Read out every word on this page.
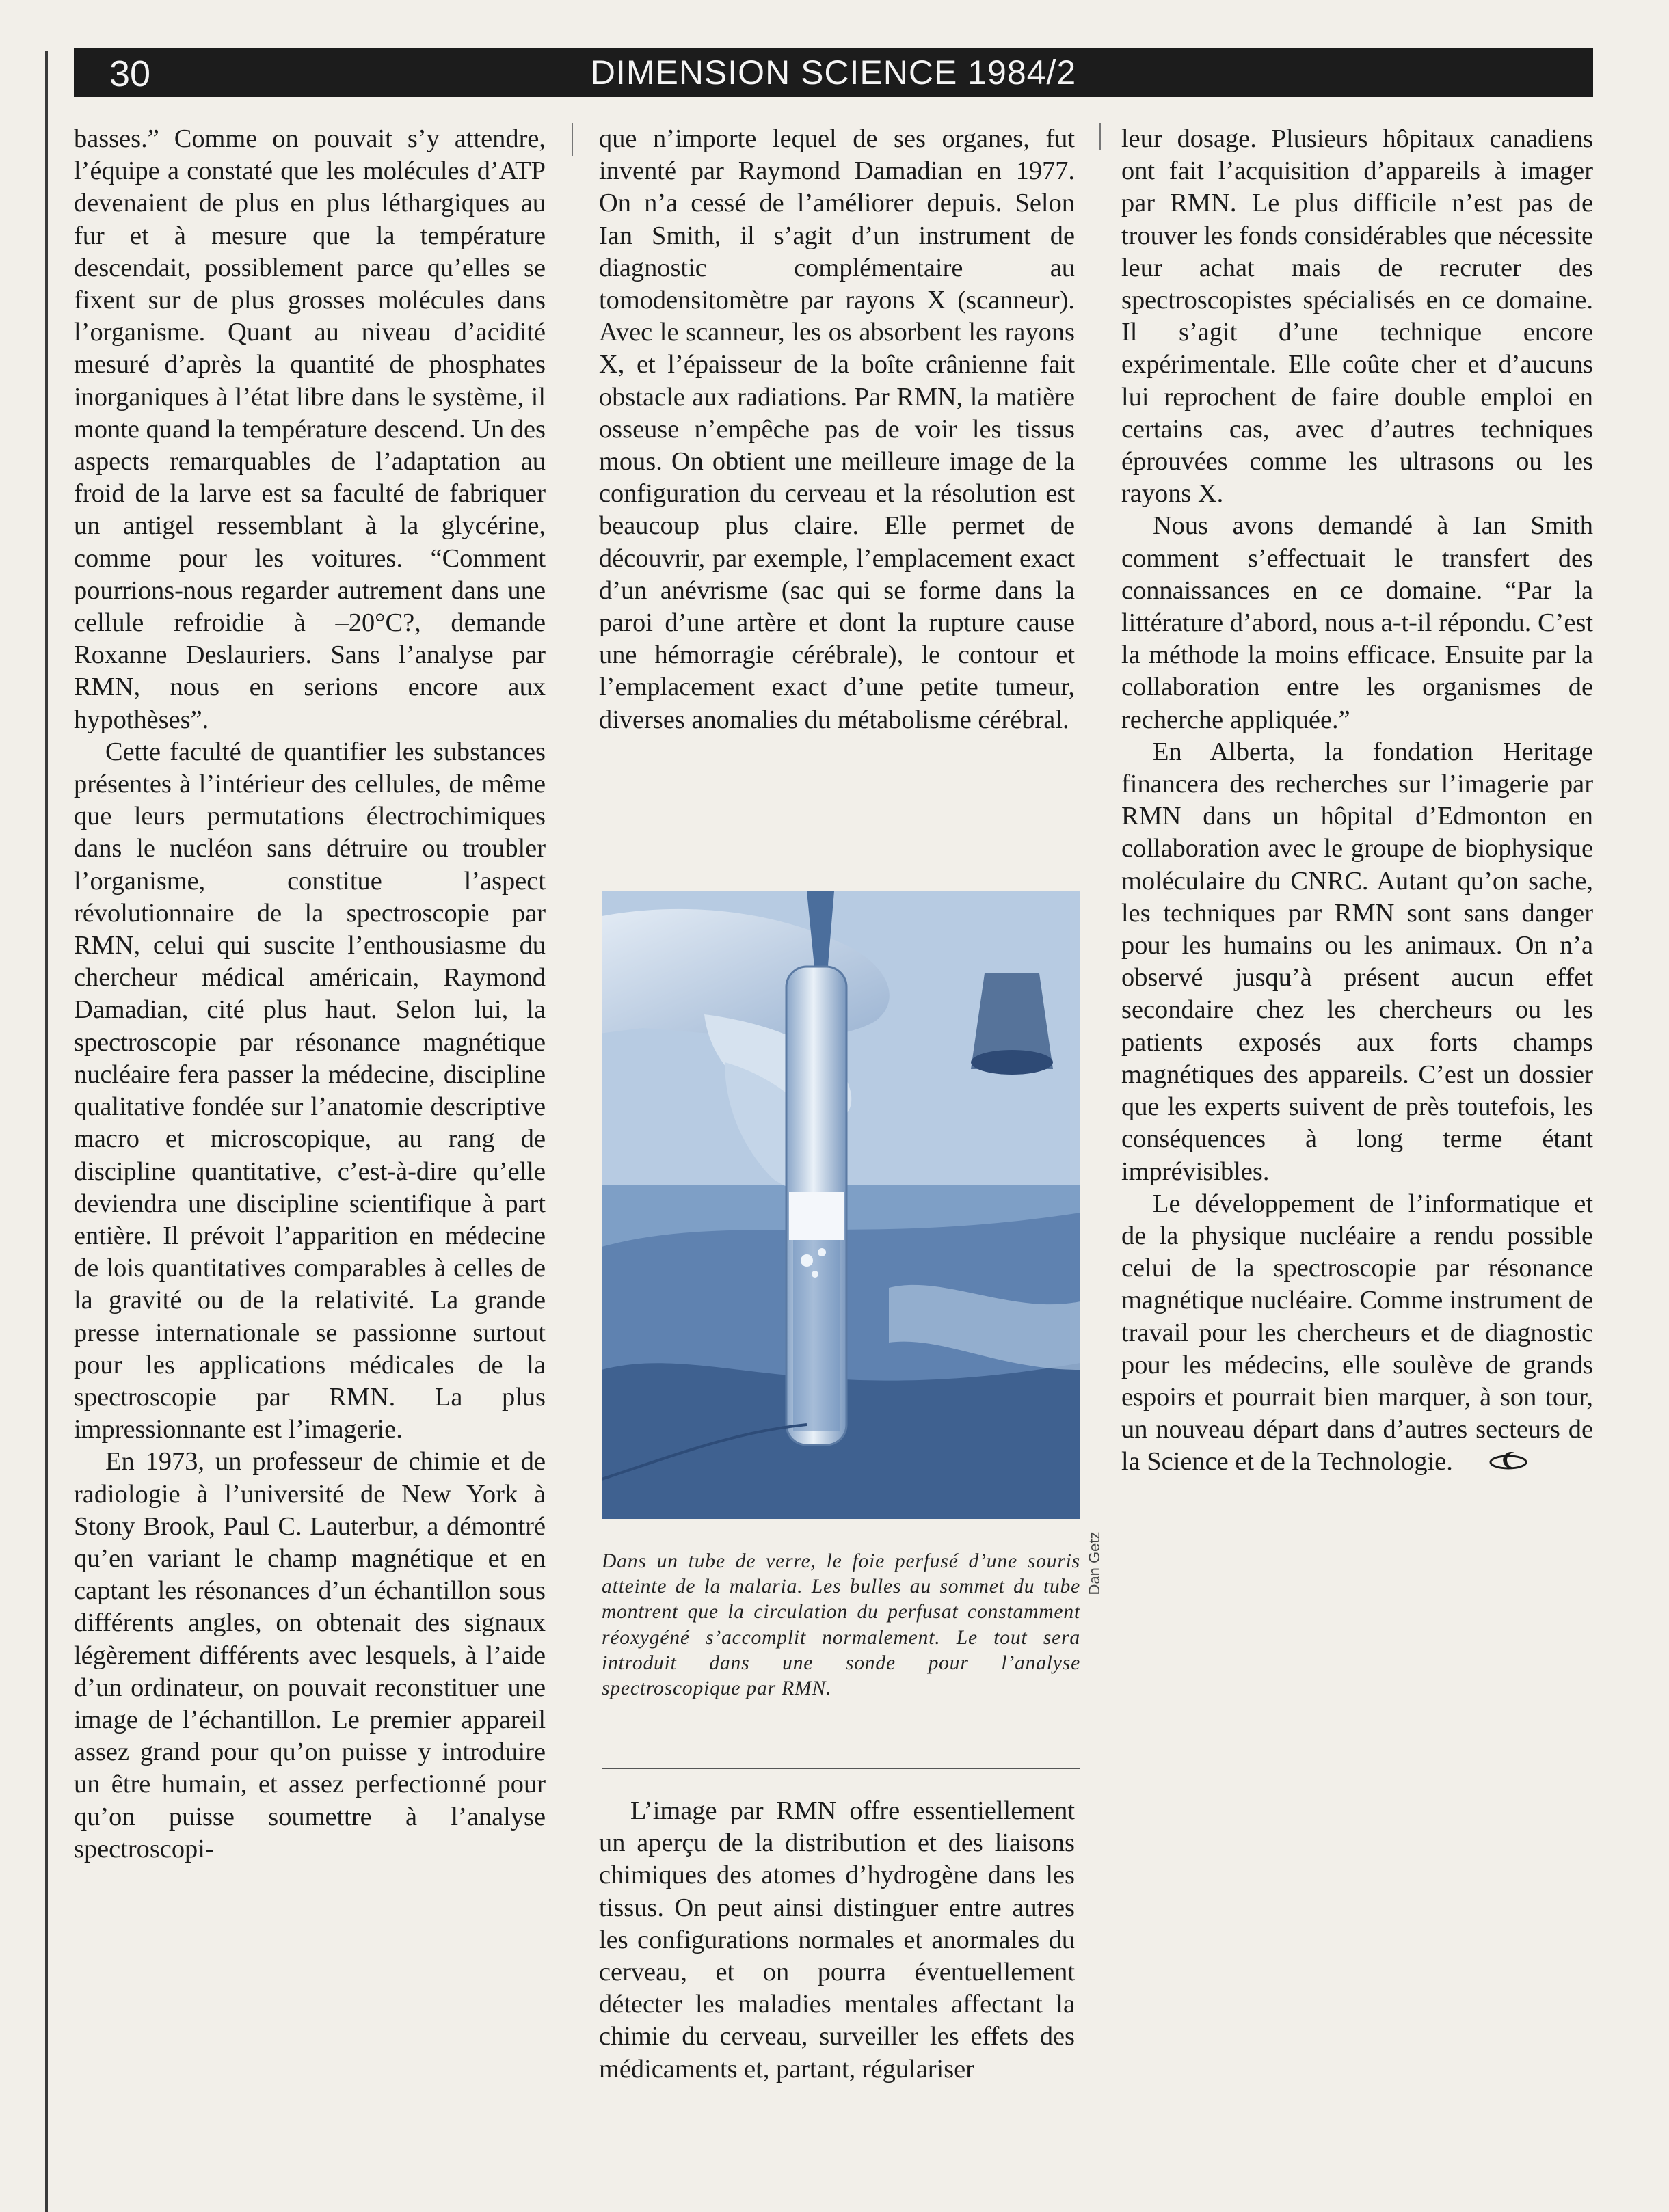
30	DIMENSION SCIENCE 1984/2

basses.” Comme on pouvait s’y attendre, l’équipe a constaté que les molécules d’ATP devenaient de plus en plus léthargiques au fur et à mesure que la température descendait, possiblement parce qu’elles se fixent sur de plus grosses molécules dans l’organisme. Quant au niveau d’acidité mesuré d’après la quantité de phosphates inorganiques à l’état libre dans le système, il monte quand la température descend. Un des aspects remarquables de l’adaptation au froid de la larve est sa faculté de fabriquer un antigel ressemblant à la glycérine, comme pour les voitures. “Comment pourrions-nous regarder autrement dans une cellule refroidie à –20°C?, demande Roxanne Deslauriers. Sans l’analyse par RMN, nous en serions encore aux hypothèses”.

Cette faculté de quantifier les substances présentes à l’intérieur des cellules, de même que leurs permutations électrochimiques dans le nucléon sans détruire ou troubler l’organisme, constitue l’aspect révolutionnaire de la spectroscopie par RMN, celui qui suscite l’enthousiasme du chercheur médical américain, Raymond Damadian, cité plus haut. Selon lui, la spectroscopie par résonance magnétique nucléaire fera passer la médecine, discipline qualitative fondée sur l’anatomie descriptive macro et microscopique, au rang de discipline quantitative, c’est-à-dire qu’elle deviendra une discipline scientifique à part entière. Il prévoit l’apparition en médecine de lois quantitatives comparables à celles de la gravité ou de la relativité. La grande presse internationale se passionne surtout pour les applications médicales de la spectroscopie par RMN. La plus impressionnante est l’imagerie.

En 1973, un professeur de chimie et de radiologie à l’université de New York à Stony Brook, Paul C. Lauterbur, a démontré qu’en variant le champ magnétique et en captant les résonances d’un échantillon sous différents angles, on obtenait des signaux légèrement différents avec lesquels, à l’aide d’un ordinateur, on pouvait reconstituer une image de l’échantillon. Le premier appareil assez grand pour qu’on puisse y introduire un être humain, et assez perfectionné pour qu’on puisse soumettre à l’analyse spectroscopi-

que n’importe lequel de ses organes, fut inventé par Raymond Damadian en 1977. On n’a cessé de l’améliorer depuis. Selon Ian Smith, il s’agit d’un instrument de diagnostic complémentaire au tomodensitomètre par rayons X (scanneur). Avec le scanneur, les os absorbent les rayons X, et l’épaisseur de la boîte crânienne fait obstacle aux radiations. Par RMN, la matière osseuse n’empêche pas de voir les tissus mous. On obtient une meilleure image de la configuration du cerveau et la résolution est beaucoup plus claire. Elle permet de découvrir, par exemple, l’emplacement exact d’un anévrisme (sac qui se forme dans la paroi d’une artère et dont la rupture cause une hémorragie cérébrale), le contour et l’emplacement exact d’une petite tumeur, diverses anomalies du métabolisme cérébral.

Dan Getz
Dans un tube de verre, le foie perfusé d’une souris atteinte de la malaria. Les bulles au sommet du tube montrent que la circulation du perfusat constamment réoxygéné s’accomplit normalement. Le tout sera introduit dans une sonde pour l’analyse spectroscopique par RMN.

L’image par RMN offre essentiellement un aperçu de la distribution et des liaisons chimiques des atomes d’hydrogène dans les tissus. On peut ainsi distinguer entre autres les configurations normales et anormales du cerveau, et on pourra éventuellement détecter les maladies mentales affectant la chimie du cerveau, surveiller les effets des médicaments et, partant, régulariser

leur dosage. Plusieurs hôpitaux canadiens ont fait l’acquisition d’appareils à imager par RMN. Le plus difficile n’est pas de trouver les fonds considérables que nécessite leur achat mais de recruter des spectroscopistes spécialisés en ce domaine. Il s’agit d’une technique encore expérimentale. Elle coûte cher et d’aucuns lui reprochent de faire double emploi en certains cas, avec d’autres techniques éprouvées comme les ultrasons ou les rayons X.

Nous avons demandé à Ian Smith comment s’effectuait le transfert des connaissances en ce domaine. “Par la littérature d’abord, nous a-t-il répondu. C’est la méthode la moins efficace. Ensuite par la collaboration entre les organismes de recherche appliquée.”

En Alberta, la fondation Heritage financera des recherches sur l’imagerie par RMN dans un hôpital d’Edmonton en collaboration avec le groupe de biophysique moléculaire du CNRC. Autant qu’on sache, les techniques par RMN sont sans danger pour les humains ou les animaux. On n’a observé jusqu’à présent aucun effet secondaire chez les chercheurs ou les patients exposés aux forts champs magnétiques des appareils. C’est un dossier que les experts suivent de près toutefois, les conséquences à long terme étant imprévisibles.

Le développement de l’informatique et de la physique nucléaire a rendu possible celui de la spectroscopie par résonance magnétique nucléaire. Comme instrument de travail pour les chercheurs et de diagnostic pour les médecins, elle soulève de grands espoirs et pourrait bien marquer, à son tour, un nouveau départ dans d’autres secteurs de la Science et de la Technologie.
